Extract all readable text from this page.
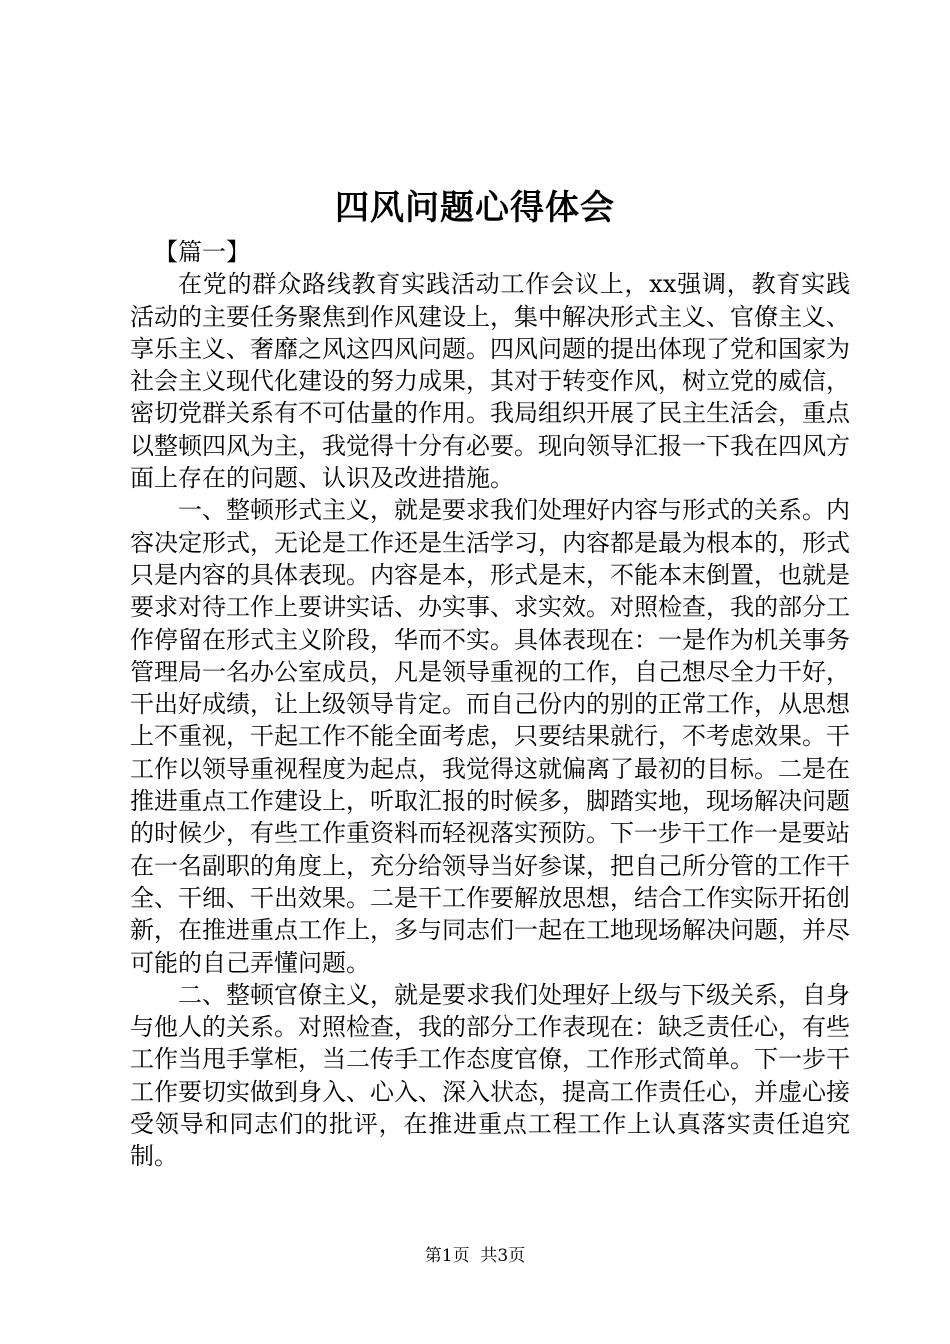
四风问题心得体会

【篇一】

在党的群众路线教育实践活动工作会议上，xx强调，教育实践活动的主要任务聚焦到作风建设上，集中解决形式主义、官僚主义、享乐主义、奢靡之风这四风问题。四风问题的提出体现了党和国家为社会主义现代化建设的努力成果，其对于转变作风，树立党的威信，密切党群关系有不可估量的作用。我局组织开展了民主生活会，重点以整顿四风为主，我觉得十分有必要。现向领导汇报一下我在四风方面上存在的问题、认识及改进措施。

一、整顿形式主义，就是要求我们处理好内容与形式的关系。内容决定形式，无论是工作还是生活学习，内容都是最为根本的，形式只是内容的具体表现。内容是本，形式是末，不能本末倒置，也就是要求对待工作上要讲实话、办实事、求实效。对照检查，我的部分工作停留在形式主义阶段，华而不实。具体表现在：一是作为机关事务管理局一名办公室成员，凡是领导重视的工作，自己想尽全力干好，干出好成绩，让上级领导肯定。而自己份内的别的正常工作，从思想上不重视，干起工作不能全面考虑，只要结果就行，不考虑效果。干工作以领导重视程度为起点，我觉得这就偏离了最初的目标。二是在推进重点工作建设上，听取汇报的时候多，脚踏实地，现场解决问题的时候少，有些工作重资料而轻视落实预防。下一步干工作一是要站在一名副职的角度上，充分给领导当好参谋，把自己所分管的工作干全、干细、干出效果。二是干工作要解放思想，结合工作实际开拓创新，在推进重点工作上，多与同志们一起在工地现场解决问题，并尽可能的自己弄懂问题。

二、整顿官僚主义，就是要求我们处理好上级与下级关系，自身与他人的关系。对照检查，我的部分工作表现在：缺乏责任心，有些工作当甩手掌柜，当二传手工作态度官僚，工作形式简单。下一步干工作要切实做到身入、心入、深入状态，提高工作责任心，并虚心接受领导和同志们的批评，在推进重点工程工作上认真落实责任追究制。

第1页 共3页
